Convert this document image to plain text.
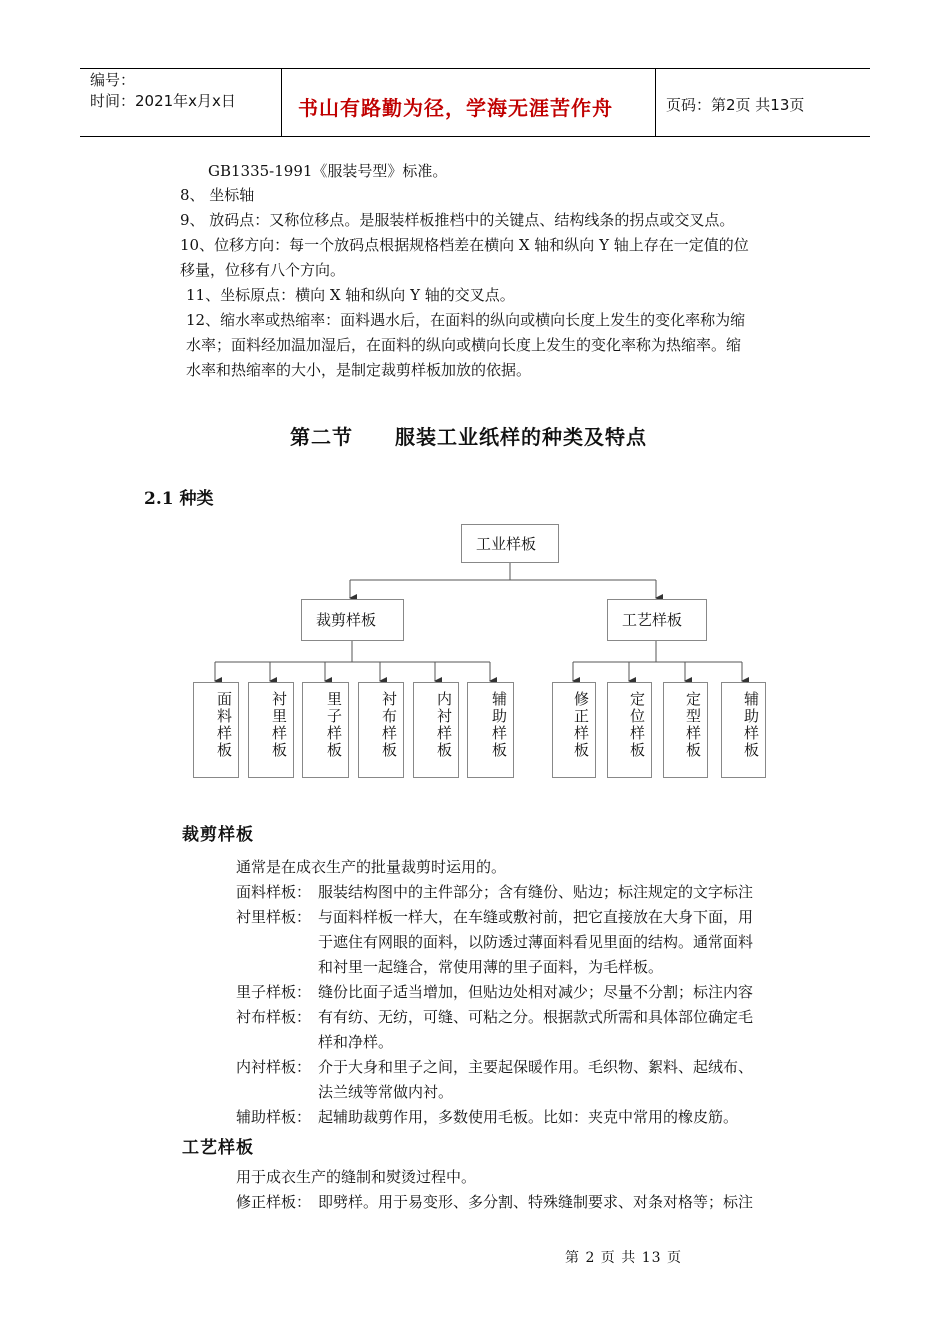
编号：
时间：2021年x月x日	书山有路勤为径，学海无涯苦作舟	页码：第2页 共13页
GB1335-1991《服装号型》标准。
8、 坐标轴
9、 放码点：又称位移点。是服装样板推档中的关键点、结构线条的拐点或交叉点。
10、位移方向：每一个放码点根据规格档差在横向 X 轴和纵向 Y 轴上存在一定值的位
移量，位移有八个方向。
11、坐标原点：横向 X 轴和纵向 Y 轴的交叉点。
12、缩水率或热缩率：面料遇水后，在面料的纵向或横向长度上发生的变化率称为缩
水率；面料经加温加湿后，在面料的纵向或横向长度上发生的变化率称为热缩率。缩
水率和热缩率的大小，是制定裁剪样板加放的依据。
第二节　　服装工业纸样的种类及特点
2.1 种类
工业样板
裁剪样板	工艺样板
面料样板	衬里样板	里子样板	衬布样板	内衬样板	辅助样板	修正样板	定位样板	定型样板	辅助样板
裁剪样板
通常是在成衣生产的批量裁剪时运用的。
面料样板： 服装结构图中的主件部分；含有缝份、贴边；标注规定的文字标注
衬里样板： 与面料样板一样大，在车缝或敷衬前，把它直接放在大身下面，用
于遮住有网眼的面料，以防透过薄面料看见里面的结构。通常面料
和衬里一起缝合，常使用薄的里子面料，为毛样板。
里子样板： 缝份比面子适当增加，但贴边处相对减少；尽量不分割；标注内容
衬布样板： 有有纺、无纺，可缝、可粘之分。根据款式所需和具体部位确定毛
样和净样。
内衬样板： 介于大身和里子之间，主要起保暖作用。毛织物、絮料、起绒布、
法兰绒等常做内衬。
辅助样板： 起辅助裁剪作用，多数使用毛板。比如：夹克中常用的橡皮筋。
工艺样板
用于成衣生产的缝制和熨烫过程中。
修正样板： 即劈样。用于易变形、多分割、特殊缝制要求、对条对格等；标注
第 2 页 共 13 页
